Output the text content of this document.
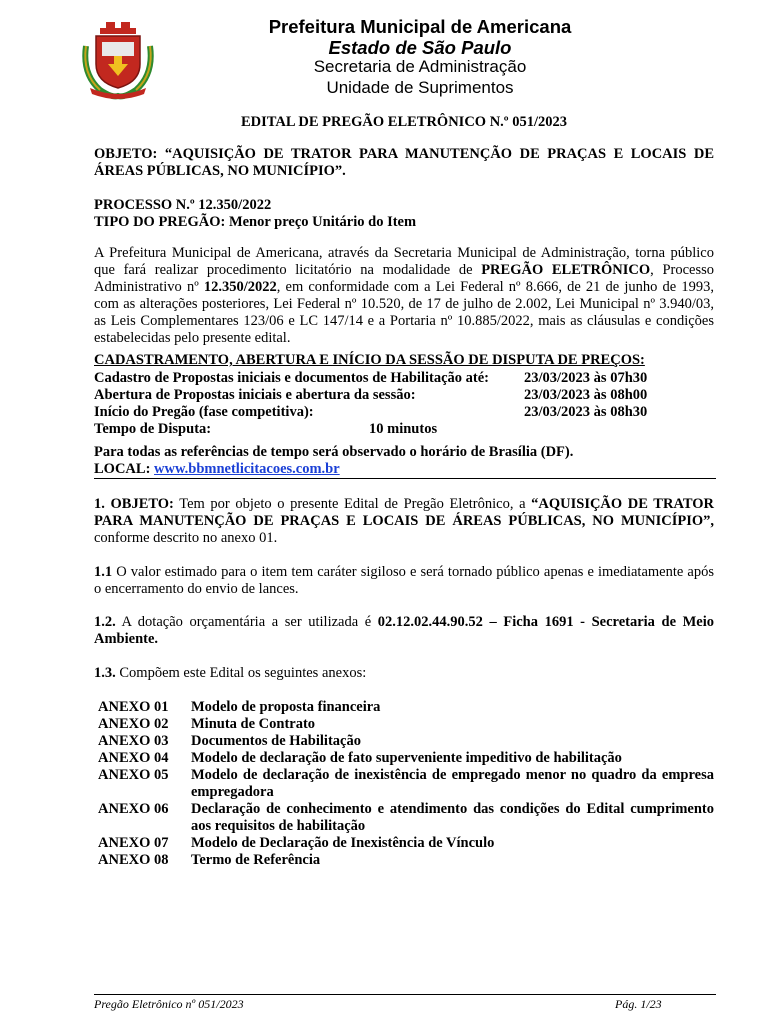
Prefeitura Municipal de Americana
Estado de São Paulo
Secretaria de Administração
Unidade de Suprimentos
EDITAL DE PREGÃO ELETRÔNICO N.º 051/2023
OBJETO: “AQUISIÇÃO DE TRATOR PARA MANUTENÇÃO DE PRAÇAS E LOCAIS DE ÁREAS PÚBLICAS, NO MUNICÍPIO”.
PROCESSO N.º 12.350/2022
TIPO DO PREGÃO: Menor preço Unitário do Item
A Prefeitura Municipal de Americana, através da Secretaria Municipal de Administração, torna público que fará realizar procedimento licitatório na modalidade de PREGÃO ELETRÔNICO, Processo Administrativo nº 12.350/2022, em conformidade com a Lei Federal nº 8.666, de 21 de junho de 1993, com as alterações posteriores, Lei Federal nº 10.520, de 17 de julho de 2.002, Lei Municipal nº 3.940/03, as Leis Complementares 123/06 e LC 147/14 e a Portaria nº 10.885/2022, mais as cláusulas e condições estabelecidas pelo presente edital.
CADASTRAMENTO, ABERTURA E INÍCIO DA SESSÃO DE DISPUTA DE PREÇOS:
Cadastro de Propostas iniciais e documentos de Habilitação até: 23/03/2023 às 07h30
Abertura de Propostas iniciais e abertura da sessão:	23/03/2023 às 08h00
Início do Pregão (fase competitiva):	23/03/2023 às 08h30
Tempo de Disputa:	10 minutos
Para todas as referências de tempo será observado o horário de Brasília (DF).
LOCAL: www.bbmnetlicitacoes.com.br
1. OBJETO: Tem por objeto o presente Edital de Pregão Eletrônico, a “AQUISIÇÃO DE TRATOR PARA MANUTENÇÃO DE PRAÇAS E LOCAIS DE ÁREAS PÚBLICAS, NO MUNICÍPIO”, conforme descrito no anexo 01.
1.1 O valor estimado para o item tem caráter sigiloso e será tornado público apenas e imediatamente após o encerramento do envio de lances.
1.2. A dotação orçamentária a ser utilizada é 02.12.02.44.90.52 – Ficha 1691 - Secretaria de Meio Ambiente.
1.3. Compõem este Edital os seguintes anexos:
ANEXO 01 Modelo de proposta financeira
ANEXO 02 Minuta de Contrato
ANEXO 03 Documentos de Habilitação
ANEXO 04 Modelo de declaração de fato superveniente impeditivo de habilitação
ANEXO 05 Modelo de declaração de inexistência de empregado menor no quadro da empresa empregadora
ANEXO 06 Declaração de conhecimento e atendimento das condições do Edital cumprimento aos requisitos de habilitação
ANEXO 07 Modelo de Declaração de Inexistência de Vínculo
ANEXO 08 Termo de Referência
Pregão Eletrônico nº 051/2023	Pág. 1/23
